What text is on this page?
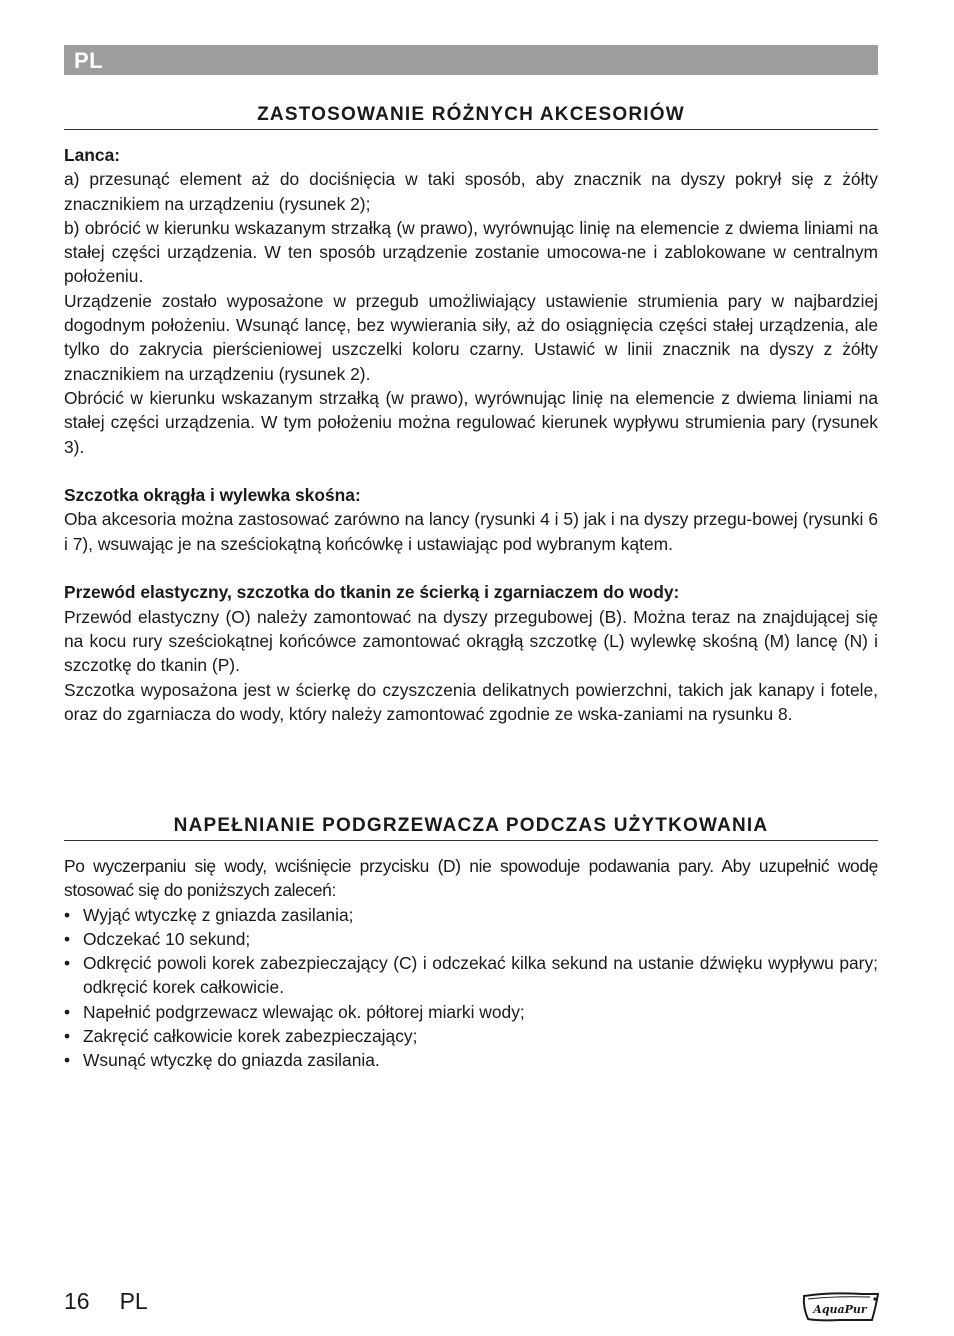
PL
ZASTOSOWANIE RÓŻNYCH AKCESORIÓW

Lanca:

a) przesunąć element aż do dociśnięcia w taki sposób, aby znacznik na dyszy pokrył się z żółty znacznikiem na urządzeniu (rysunek 2);

b) obrócić w kierunku wskazanym strzałką (w prawo), wyrównując linię na elemencie z dwiema liniami na stałej części urządzenia. W ten sposób urządzenie zostanie umocowa-ne i zablokowane w centralnym położeniu.

Urządzenie zostało wyposażone w przegub umożliwiający ustawienie strumienia pary w najbardziej dogodnym położeniu. Wsunąć lancę, bez wywierania siły, aż do osiągnięcia części stałej urządzenia, ale tylko do zakrycia pierścieniowej uszczelki koloru czarny. Ustawić w linii znacznik na dyszy z żółty znacznikiem na urządzeniu (rysunek 2).

Obrócić w kierunku wskazanym strzałką (w prawo), wyrównując linię na elemencie z dwiema liniami na stałej części urządzenia. W tym położeniu można regulować kierunek wypływu strumienia pary (rysunek 3).

Szczotka okrągła i wylewka skośna:

Oba akcesoria można zastosować zarówno na lancy (rysunki 4 i 5) jak i na dyszy przegu-bowej (rysunki 6 i 7), wsuwając je na sześciokątną końcówkę i ustawiając pod wybranym kątem.

Przewód elastyczny, szczotka do tkanin ze ścierką i zgarniaczem do wody:

Przewód elastyczny (O) należy zamontować na dyszy przegubowej (B). Można teraz na znajdującej się na kocu rury sześciokątnej końcówce zamontować okrągłą szczotkę (L) wylewkę skośną (M) lancę (N) i szczotkę do tkanin (P).

Szczotka wyposażona jest w ścierkę do czyszczenia delikatnych powierzchni, takich jak kanapy i fotele, oraz do zgarniacza do wody, który należy zamontować zgodnie ze wska-zaniami na rysunku 8.

NAPEŁNIANIE PODGRZEWACZA PODCZAS UŻYTKOWANIA

Po wyczerpaniu się wody, wciśnięcie przycisku (D) nie spowoduje podawania pary. Aby uzupełnić wodę stosować się do poniższych zaleceń:

• Wyjąć wtyczkę z gniazda zasilania;
• Odczekać 10 sekund;
• Odkręcić powoli korek zabezpieczający (C) i odczekać kilka sekund na ustanie dźwięku wypływu pary; odkręcić korek całkowicie.
• Napełnić podgrzewacz wlewając ok. półtorej miarki wody;
• Zakręcić całkowicie korek zabezpieczający;
• Wsunąć wtyczkę do gniazda zasilania.
16 PL	AquaPur
